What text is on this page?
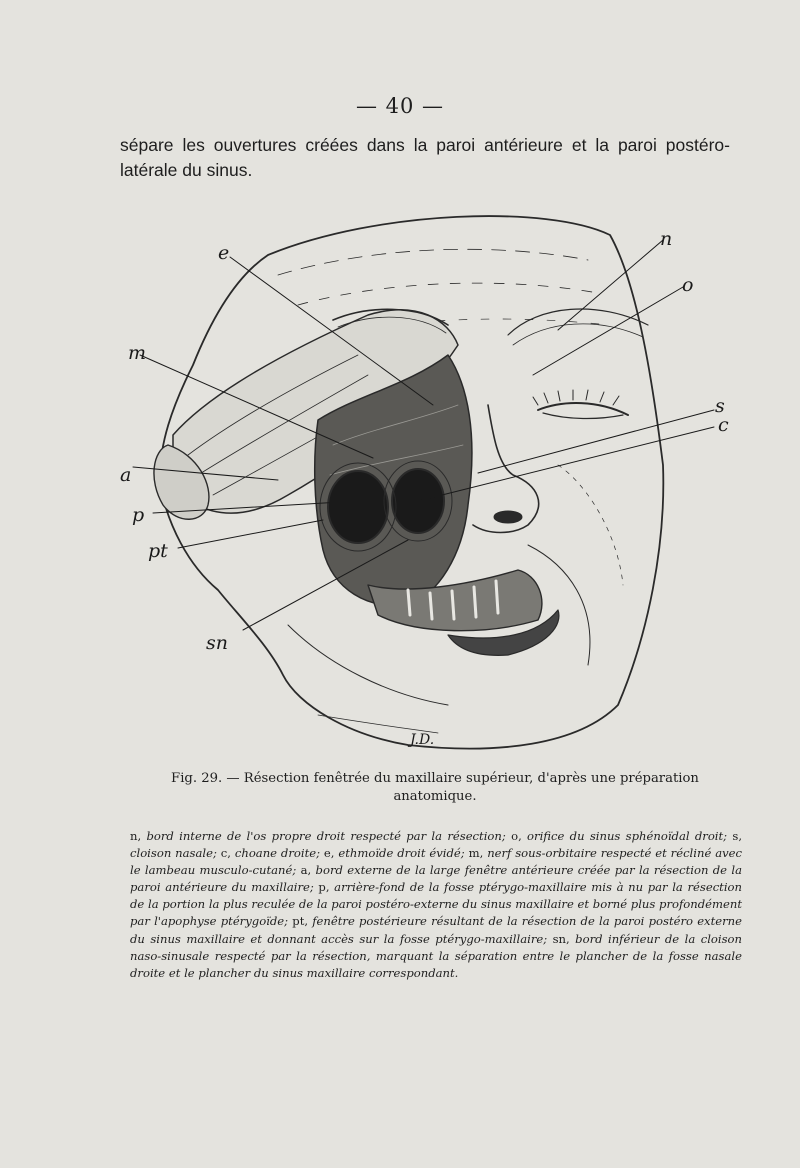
— 40 —
sépare les ouvertures créées dans la paroi antérieure et la paroi postéro-latérale du sinus.
e
n
o
m
s
c
a
p
pt
sn
J.D.
Fig. 29. — Résection fenêtrée du maxillaire supérieur, d'après une préparation anatomique.
n, bord interne de l'os propre droit respecté par la résection; o, orifice du sinus sphénoïdal droit; s, cloison nasale; c, choane droite; e, ethmoïde droit évidé; m, nerf sous-orbitaire respecté et récliné avec le lambeau musculo-cutané; a, bord externe de la large fenêtre antérieure créée par la résection de la paroi antérieure du maxillaire; p, arrière-fond de la fosse ptérygo-maxillaire mis à nu par la résection de la portion la plus reculée de la paroi postéro-externe du sinus maxillaire et borné plus profondément par l'apophyse ptérygoïde; pt, fenêtre postérieure résultant de la résection de la paroi postéro externe du sinus maxillaire et donnant accès sur la fosse ptérygo-maxillaire; sn, bord inférieur de la cloison naso-sinusale respecté par la résection, marquant la séparation entre le plancher de la fosse nasale droite et le plancher du sinus maxillaire correspondant.
